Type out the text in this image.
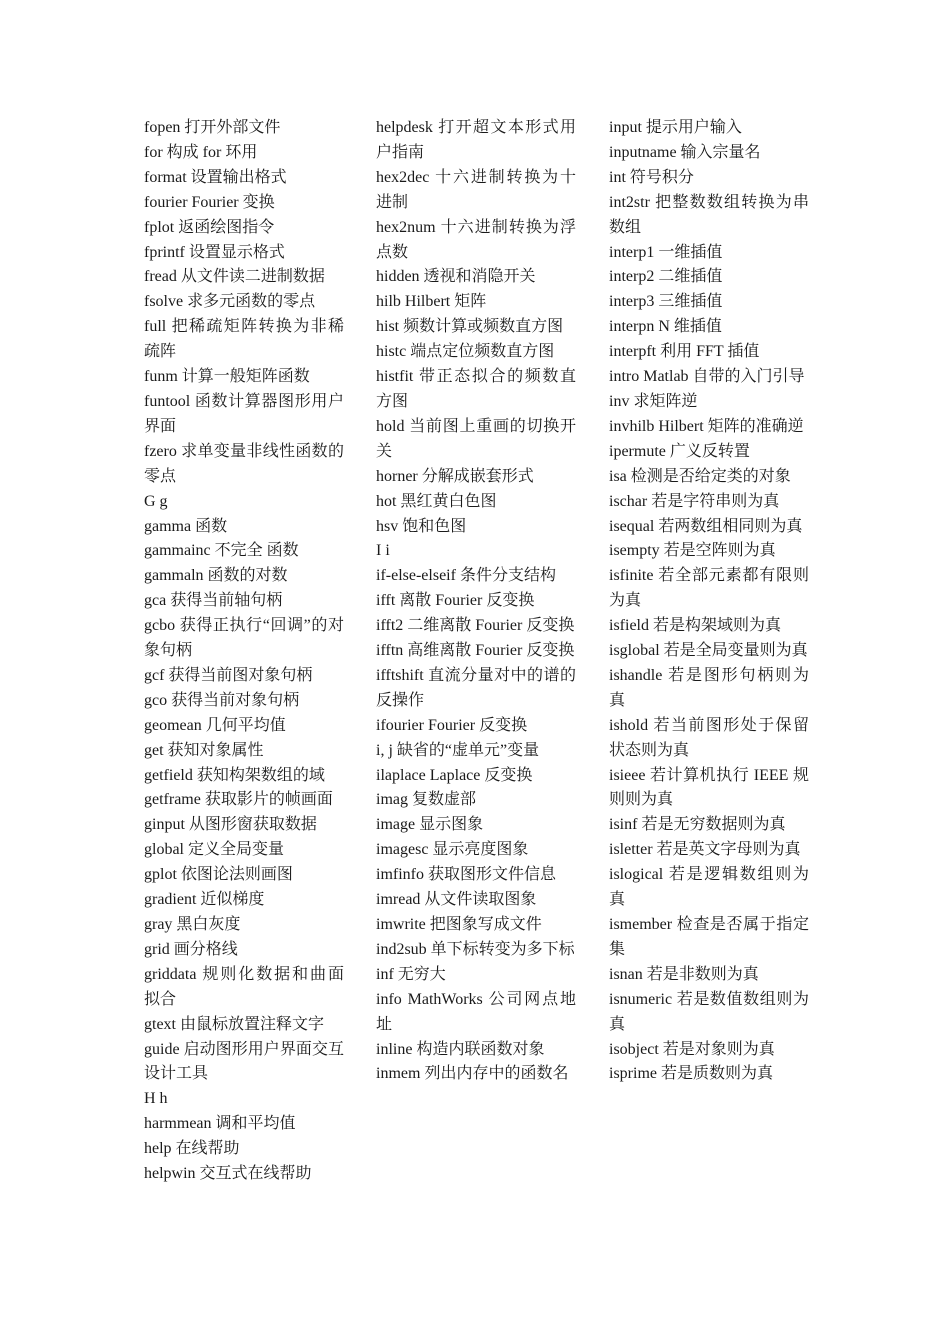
fopen 打开外部文件
for 构成 for 环用
format 设置输出格式
fourier Fourier 变换
fplot 返函绘图指令
fprintf 设置显示格式
fread 从文件读二进制数据
fsolve 求多元函数的零点
full 把稀疏矩阵转换为非稀疏阵
funm 计算一般矩阵函数
funtool 函数计算器图形用户界面
fzero 求单变量非线性函数的零点
G g
gamma 函数
gammainc 不完全 函数
gammaln 函数的对数
gca 获得当前轴句柄
gcbo 获得正执行“回调”的对象句柄
gcf 获得当前图对象句柄
gco 获得当前对象句柄
geomean 几何平均值
get 获知对象属性
getfield 获知构架数组的域
getframe 获取影片的帧画面
ginput 从图形窗获取数据
global 定义全局变量
gplot 依图论法则画图
gradient 近似梯度
gray 黑白灰度
grid 画分格线
griddata 规则化数据和曲面拟合
gtext 由鼠标放置注释文字
guide 启动图形用户界面交互设计工具
H h
harmmean 调和平均值
help 在线帮助
helpwin 交互式在线帮助
helpdesk 打开超文本形式用户指南
hex2dec 十六进制转换为十进制
hex2num 十六进制转换为浮点数
hidden 透视和消隐开关
hilb Hilbert 矩阵
hist 频数计算或频数直方图
histc 端点定位频数直方图
histfit 带正态拟合的频数直方图
hold 当前图上重画的切换开关
horner 分解成嵌套形式
hot 黑红黄白色图
hsv 饱和色图
I i
if-else-elseif 条件分支结构
ifft 离散 Fourier 反变换
ifft2 二维离散 Fourier 反变换
ifftn 高维离散 Fourier 反变换
ifftshift 直流分量对中的谱的反操作
ifourier Fourier 反变换
i, j 缺省的“虚单元”变量
ilaplace Laplace 反变换
imag 复数虚部
image 显示图象
imagesc 显示亮度图象
imfinfo 获取图形文件信息
imread 从文件读取图象
imwrite 把图象写成文件
ind2sub 单下标转变为多下标
inf 无穷大
info MathWorks 公司网点地址
inline 构造内联函数对象
inmem 列出内存中的函数名
input 提示用户输入
inputname 输入宗量名
int 符号积分
int2str 把整数数组转换为串数组
interp1 一维插值
interp2 二维插值
interp3 三维插值
interpn N 维插值
interpft 利用 FFT 插值
intro Matlab 自带的入门引导
inv 求矩阵逆
invhilb Hilbert 矩阵的准确逆
ipermute 广义反转置
isa 检测是否给定类的对象
ischar 若是字符串则为真
isequal 若两数组相同则为真
isempty 若是空阵则为真
isfinite 若全部元素都有限则为真
isfield 若是构架域则为真
isglobal 若是全局变量则为真
ishandle 若是图形句柄则为真
ishold 若当前图形处于保留状态则为真
isieee 若计算机执行 IEEE 规则则为真
isinf 若是无穷数据则为真
isletter 若是英文字母则为真
islogical 若是逻辑数组则为真
ismember 检查是否属于指定集
isnan 若是非数则为真
isnumeric 若是数值数组则为真
isobject 若是对象则为真
isprime 若是质数则为真
